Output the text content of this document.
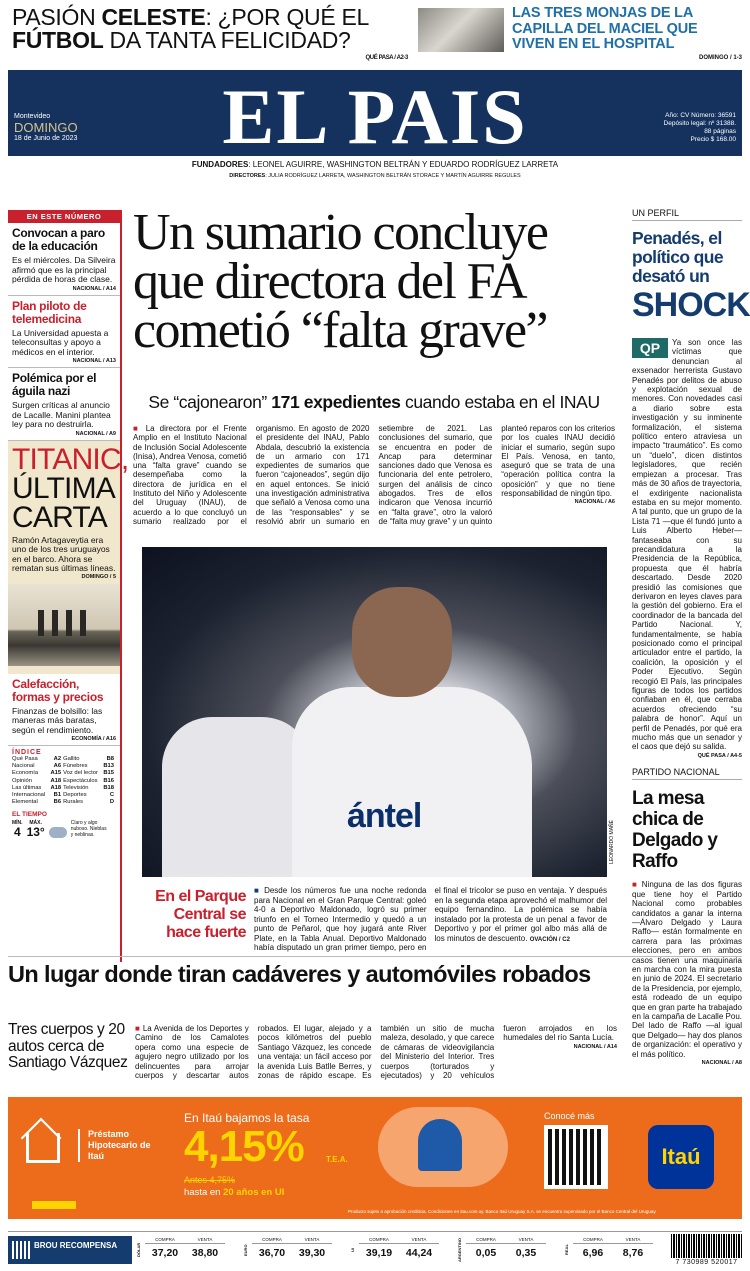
PASIÓN CELESTE: ¿POR QUÉ EL
FÚTBOL DA TANTA FELICIDAD?
QUÉ PASA / A2-3
LAS TRES MONJAS DE LA CAPILLA DEL MACIEL QUE VIVEN EN EL HOSPITAL
DOMINGO / 1-3
EL PAIS
Montevideo
DOMINGO
18 de Junio de 2023
Año: CV Número: 36591
Depósito legal: nº 31388.
88 páginas
Precio $ 168.00
FUNDADORES: LEONEL AGUIRRE, WASHINGTON BELTRÁN Y EDUARDO RODRÍGUEZ LARRETA
DIRECTORES: JULIA RODRÍGUEZ LARRETA, WASHINGTON BELTRÁN STORACE Y MARTÍN AGUIRRE REGULES
EN ESTE NÚMERO
Convocan a paro de la educación

Es el miércoles. Da Silveira afirmó que es la principal pérdida de horas de clase.

NACIONAL / A14
Plan piloto de telemedicina

La Universidad apuesta a teleconsultas y apoyo a médicos en el interior.

NACIONAL / A13
Polémica por el águila nazi

Surgen críticas al anuncio de Lacalle. Manini plantea ley para no destruirla.

NACIONAL / A9
TITANIC,
ÚLTIMA
CARTA

Ramón Artagaveytia era uno de los tres uruguayos en el barco. Ahora se rematan sus últimas líneas.

DOMINGO / 5
Calefacción, formas y precios

Finanzas de bolsillo: las maneras más baratas, según el rendimiento.

ECONOMÍA / A16
ÍNDICE
Qué Pasa	A2	Gallito	B8
Nacional	A6	Fúnebres	B13
Economía	A15	Voz del lector	B15
Opinión	A18	Espectáculos	B16
Las últimas	A18	Televisión	B18
Internacional	B1	Deportes	C
Elemental	B6	Rurales	D
EL TIEMPO
MÍN.
4
MÁX.
13°
Claro y algo nuboso. Nieblas y neblinas.
Un sumario concluye que directora del FA cometió “falta grave”
Se “cajonearon” 171 expedientes cuando estaba en el INAU
■ La directora por el Frente Amplio en el Instituto Nacional de Inclusión Social Adolescente (Inisa), Andrea Venosa, cometió una “falta grave” cuando se desempeñaba como la directora de jurídica en el Instituto del Niño y Adolescente del Uruguay (INAU), de acuerdo a lo que concluyó un sumario realizado por el organismo. En agosto de 2020 el presidente del INAU, Pablo Abdala, descubrió la existencia de un armario con 171 expedientes de sumarios que fueron “cajoneados”, según dijo en aquel entonces. Se inició una investigación administrativa que señaló a Venosa como una de las “responsables” y se resolvió abrir un sumario en setiembre de 2021. Las conclusiones del sumario, que se encuentra en poder de Ancap para determinar sanciones dado que Venosa es funcionaria del ente petrolero, surgen del análisis de cinco abogados. Tres de ellos indicaron que Venosa incurrió en “falta grave”, otro la valoró de “falta muy grave” y un quinto planteó reparos con los criterios por los cuales INAU decidió iniciar el sumario, según supo El País. Venosa, en tanto, aseguró que se trata de una “operación política contra la oposición” y que no tiene responsabilidad de ningún tipo.
NACIONAL / A6
ántel
LEONARDO MAÑÉ
En el Parque Central se hace fuerte
■ Desde los números fue una noche redonda para Nacional en el Gran Parque Central: goleó 4-0 a Deportivo Maldonado, logró su primer triunfo en el Torneo Intermedio y quedó a un punto de Peñarol, que hoy jugará ante River Plate, en la Tabla Anual. Deportivo Maldonado había disputado un gran primer tiempo, pero en el final el tricolor se puso en ventaja. Y después en la segunda etapa aprovechó el malhumor del equipo fernandino. La polémica se había instalado por la protesta de un penal a favor de Deportivo y por el primer gol albo más allá de los minutos de descuento. OVACIÓN / C2
UN PERFIL
Penadés, el político que desató un
SHOCK
QP	Ya son once las víctimas que denuncian al exsenador herrerista Gustavo Penadés por delitos de abuso y explotación sexual de menores. Con novedades casi a diario sobre esta investigación y su inminente formalización, el sistema político entero atraviesa un impacto “traumático”. Es como un “duelo”, dicen distintos legisladores, que recién empiezan a procesar. Tras más de 30 años de trayectoria, el exdirigente nacionalista estaba en su mejor momento. A tal punto, que un grupo de la Lista 71 —que él fundó junto a Luis Alberto Heber— fantaseaba con su precandidatura a la Presidencia de la República, propuesta que él habría descartado. Desde 2020 presidió las comisiones que derivaron en leyes claves para la gestión del gobierno. Era el coordinador de la bancada del Partido Nacional. Y, fundamentalmente, se había posicionado como el principal articulador entre el partido, la coalición, la oposición y el Poder Ejecutivo. Según recogió El País, las principales figuras de todos los partidos confiaban en él, que cerraba acuerdos ofreciendo “su palabra de honor”. Aquí un perfil de Penadés, por qué era mucho más que un senador y el caos que dejó su salida.
QUÉ PASA / A4-5
PARTIDO NACIONAL
La mesa chica de Delgado y Raffo
■ Ninguna de las dos figuras que tiene hoy el Partido Nacional como probables candidatos a ganar la interna —Álvaro Delgado y Laura Raffo— están formalmente en carrera para las próximas elecciones, pero en ambos casos tienen una maquinaria en marcha con la mira puesta en junio de 2024. El secretario de la Presidencia, por ejemplo, está rodeado de un equipo que en gran parte ha trabajado en la campaña de Lacalle Pou. Del lado de Raffo —al igual que Delgado— hay dos planos de organización: el operativo y el más político.
NACIONAL / A8
Un lugar donde tiran cadáveres y automóviles robados
Tres cuerpos y 20 autos cerca de Santiago Vázquez
■ La Avenida de los Deportes y Camino de los Camalotes opera como una especie de agujero negro utilizado por los delincuentes para arrojar cuerpos y descartar autos robados. El lugar, alejado y a pocos kilómetros del pueblo Santiago Vázquez, les concede una ventaja: un fácil acceso por la avenida Luis Batlle Berres, y zonas de rápido escape. Es también un sitio de mucha maleza, desolado, y que carece de cámaras de videovigilancia del Ministerio del Interior. Tres cuerpos (torturados y ejecutados) y 20 vehículos fueron arrojados en los humedales del río Santa Lucía.
NACIONAL / A14
Préstamo Hipotecario de Itaú
En Itaú bajamos la tasa
4,15%	T.E.A.
Antes 4,75%
hasta en 20 años en UI
Conocé más
Itaú
Producto sujeto a aprobación crediticia. Condiciones en itau.com.uy. Banco Itaú Uruguay S.A. se encuentra supervisado por el Banco Central del Uruguay.
BROU RECOMPENSA	DÓLAR
COMPRA
37,20
VENTA
38,80	EURO
COMPRA
36,70
VENTA
39,30	UI
COMPRA
39,19
VENTA
44,24	ARGENTINO	COMPRA
0,05
VENTA
0,35	REAL
COMPRA
6,96
VENTA
8,76
7 730989 520017
